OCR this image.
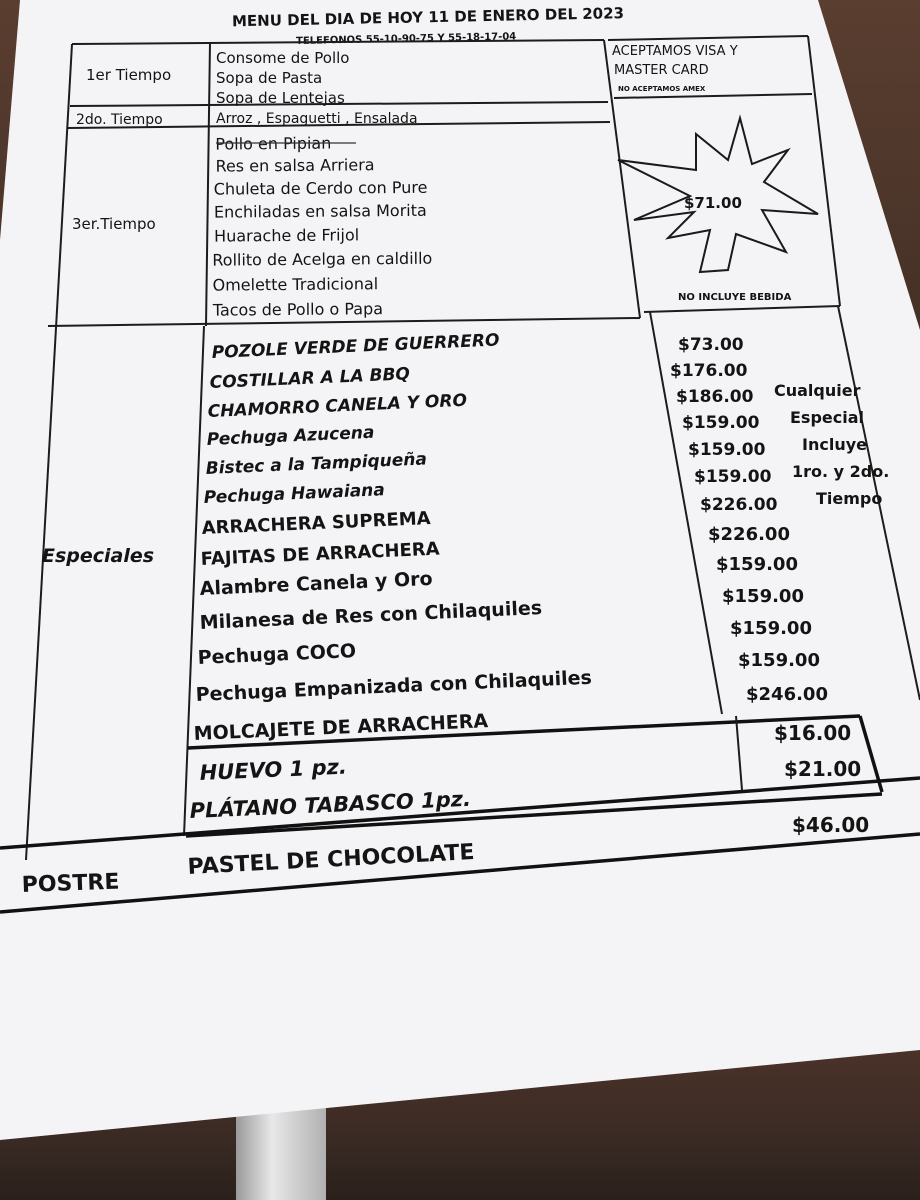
MENU DEL DIA DE HOY 11 DE ENERO DEL 2023
TELEFONOS 55-10-90-75 Y 55-18-17-04
ACEPTAMOS VISA Y
MASTER CARD
NO ACEPTAMOS AMEX
$71.00
NO INCLUYE BEBIDA
1er Tiempo
2do. Tiempo
3er.Tiempo
Consome de Pollo
Sopa de Pasta
Sopa de Lentejas
Arroz , Espaguetti , Ensalada
Pollo en Pipian
Res en salsa Arriera
Chuleta de Cerdo con Pure
Enchiladas en salsa Morita
Huarache de Frijol
Rollito de Acelga en caldillo
Omelette Tradicional
Tacos de Pollo o Papa
Especiales
POZOLE VERDE DE GUERRERO
COSTILLAR A LA BBQ
CHAMORRO CANELA Y ORO
Pechuga Azucena
Bistec a la Tampiqueña
Pechuga Hawaiana
ARRACHERA SUPREMA
FAJITAS DE ARRACHERA
Alambre Canela y Oro
Milanesa de Res con Chilaquiles
Pechuga COCO
Pechuga Empanizada con Chilaquiles
MOLCAJETE DE ARRACHERA
$73.00
$176.00
$186.00
$159.00
$159.00
$159.00
$226.00
$226.00
$159.00
$159.00
$159.00
$159.00
$246.00
Cualquier
Especial
Incluye
1ro. y 2do.
Tiempo
HUEVO 1 pz.
PLÁTANO TABASCO 1pz.
$16.00
$21.00
POSTRE
PASTEL DE CHOCOLATE
$46.00
